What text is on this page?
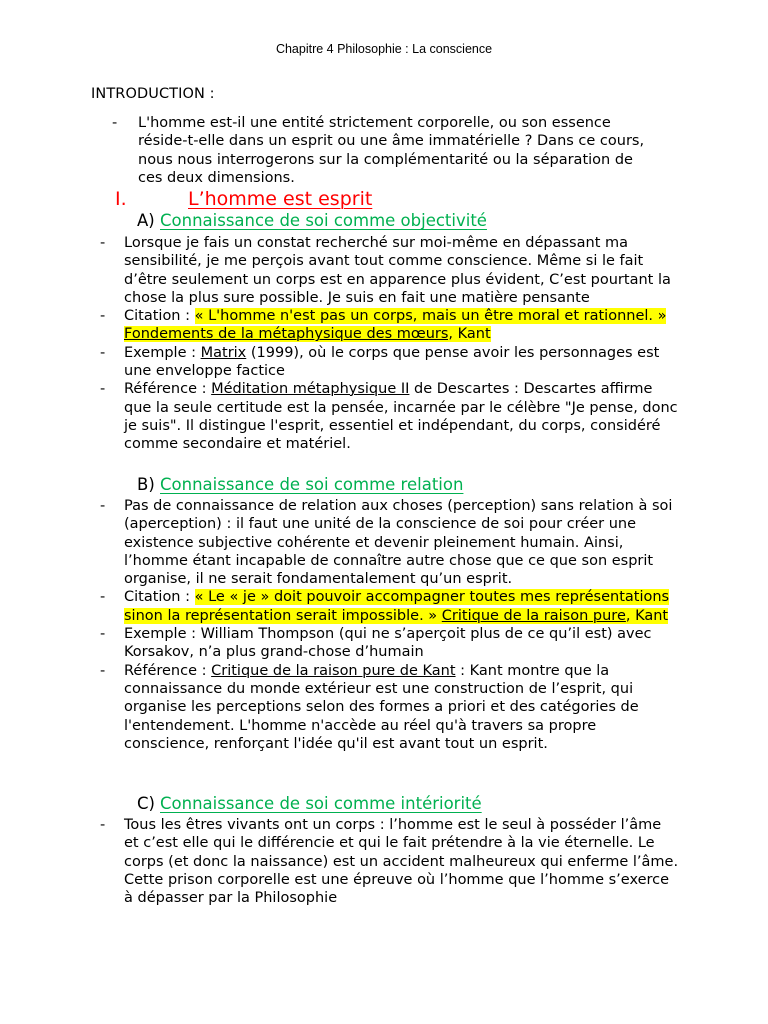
Chapitre 4 Philosophie : La conscience
INTRODUCTION :
- L'homme est-il une entité strictement corporelle, ou son essence réside-t-elle dans un esprit ou une âme immatérielle ? Dans ce cours, nous nous interrogerons sur la complémentarité ou la séparation de ces deux dimensions.
I.	L’homme est esprit
A) Connaissance de soi comme objectivité
- Lorsque je fais un constat recherché sur moi-même en dépassant ma sensibilité, je me perçois avant tout comme conscience. Même si le fait d’être seulement un corps est en apparence plus évident, C’est pourtant la chose la plus sure possible. Je suis en fait une matière pensante
- Citation : « L'homme n'est pas un corps, mais un être moral et rationnel. » Fondements de la métaphysique des mœurs, Kant
- Exemple : Matrix (1999), où le corps que pense avoir les personnages est une enveloppe factice
- Référence : Méditation métaphysique II de Descartes : Descartes affirme que la seule certitude est la pensée, incarnée par le célèbre "Je pense, donc je suis". Il distingue l'esprit, essentiel et indépendant, du corps, considéré comme secondaire et matériel.
B) Connaissance de soi comme relation
- Pas de connaissance de relation aux choses (perception) sans relation à soi (aperception) : il faut une unité de la conscience de soi pour créer une existence subjective cohérente et devenir pleinement humain. Ainsi, l’homme étant incapable de connaître autre chose que ce que son esprit organise, il ne serait fondamentalement qu’un esprit.
- Citation : « Le « je » doit pouvoir accompagner toutes mes représentations sinon la représentation serait impossible. » Critique de la raison pure, Kant
- Exemple : William Thompson (qui ne s’aperçoit plus de ce qu’il est) avec Korsakov, n’a plus grand-chose d’humain
- Référence : Critique de la raison pure de Kant : Kant montre que la connaissance du monde extérieur est une construction de l’esprit, qui organise les perceptions selon des formes a priori et des catégories de l'entendement. L'homme n'accède au réel qu'à travers sa propre conscience, renforçant l'idée qu'il est avant tout un esprit.
C) Connaissance de soi comme intériorité
- Tous les êtres vivants ont un corps : l’homme est le seul à posséder l’âme et c’est elle qui le différencie et qui le fait prétendre à la vie éternelle. Le corps (et donc la naissance) est un accident malheureux qui enferme l’âme. Cette prison corporelle est une épreuve où l’homme que l’homme s’exerce à dépasser par la Philosophie
